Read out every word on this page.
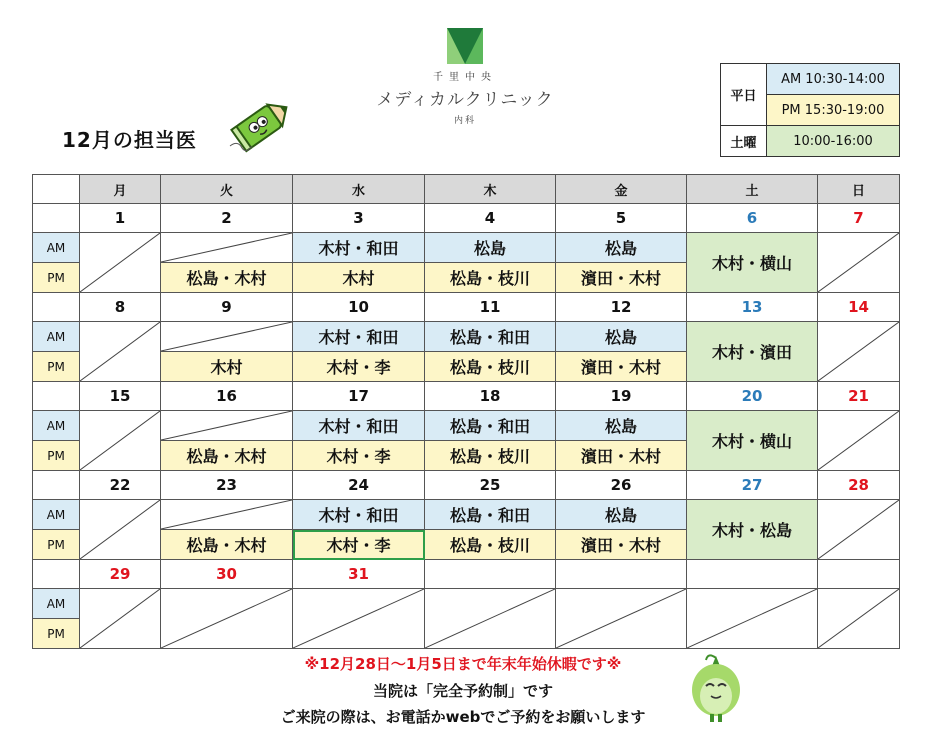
千里中央
メディカルクリニック
内科
12月の担当医
平日	AM 10:30-14:00
	PM 15:30-19:00
土曜	10:00-16:00
	月	火	水	木	金	土	日
	1	2	3	4	5	6	7
AM			木村・和田	松島	松島	木村・横山	

PM		松島・木村	木村	松島・枝川	濱田・木村		
	8	9	10	11	12	13	14
AM			木村・和田	松島・和田	松島	木村・濱田	

PM		木村	木村・李	松島・枝川	濱田・木村		
	15	16	17	18	19	20	21
AM			木村・和田	松島・和田	松島	木村・横山	

PM		松島・木村	木村・李	松島・枝川	濱田・木村		
	22	23	24	25	26	27	28
AM			木村・和田	松島・和田	松島	木村・松島	

PM		松島・木村	木村・李	松島・枝川	濱田・木村		
	29	30	31				
AM	

PM							
※12月28日～1月5日まで年末年始休暇です※
当院は「完全予約制」です
ご来院の際は、お電話かwebでご予約をお願いします
